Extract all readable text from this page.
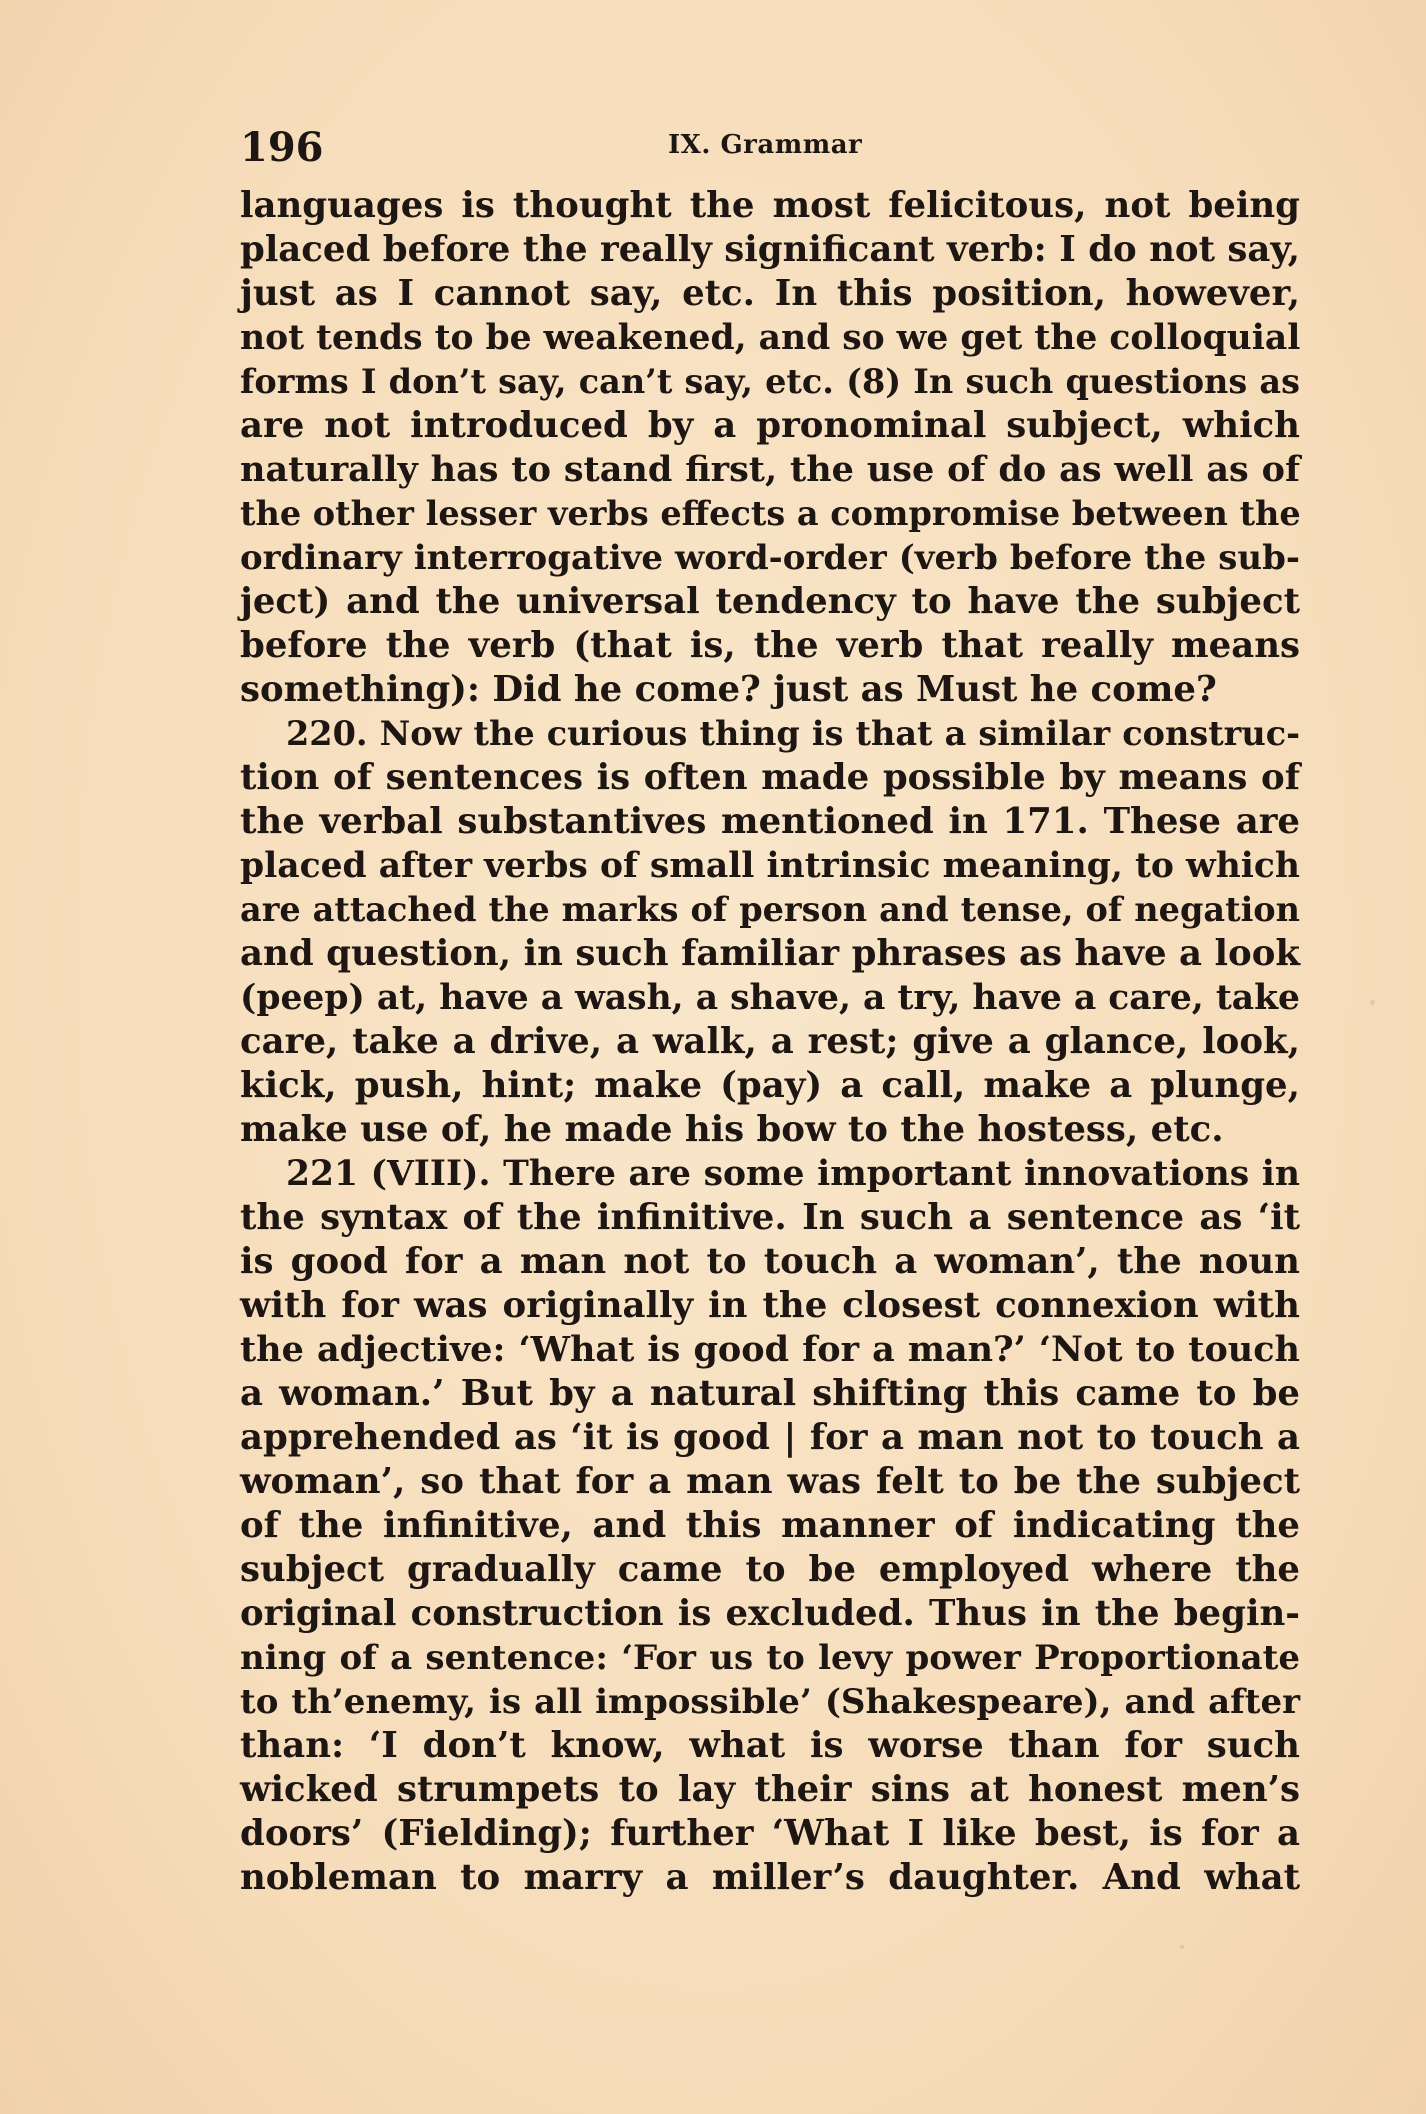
196	IX. Grammar
languages is thought the most felicitous, not being
placed before the really significant verb: I do not say,
just as I cannot say, etc. In this position, however,
not tends to be weakened, and so we get the colloquial
forms I don’t say, can’t say, etc. (8) In such questions as
are not introduced by a pronominal subject, which
naturally has to stand first, the use of do as well as of
the other lesser verbs effects a compromise between the
ordinary interrogative word-order (verb before the sub-
ject) and the universal tendency to have the subject
before the verb (that is, the verb that really means
something): Did he come? just as Must he come?
220. Now the curious thing is that a similar construc-
tion of sentences is often made possible by means of
the verbal substantives mentioned in 171. These are
placed after verbs of small intrinsic meaning, to which
are attached the marks of person and tense, of negation
and question, in such familiar phrases as have a look
(peep) at, have a wash, a shave, a try, have a care, take
care, take a drive, a walk, a rest; give a glance, look,
kick, push, hint; make (pay) a call, make a plunge,
make use of, he made his bow to the hostess, etc.
221 (VIII). There are some important innovations in
the syntax of the infinitive. In such a sentence as ‘it
is good for a man not to touch a woman’, the noun
with for was originally in the closest connexion with
the adjective: ‘What is good for a man?’ ‘Not to touch
a woman.’ But by a natural shifting this came to be
apprehended as ‘it is good | for a man not to touch a
woman’, so that for a man was felt to be the subject
of the infinitive, and this manner of indicating the
subject gradually came to be employed where the
original construction is excluded. Thus in the begin-
ning of a sentence: ‘For us to levy power Proportionate
to th’enemy, is all impossible’ (Shakespeare), and after
than: ‘I don’t know, what is worse than for such
wicked strumpets to lay their sins at honest men’s
doors’ (Fielding); further ‘What I like best, is for a
nobleman to marry a miller’s daughter. And what
